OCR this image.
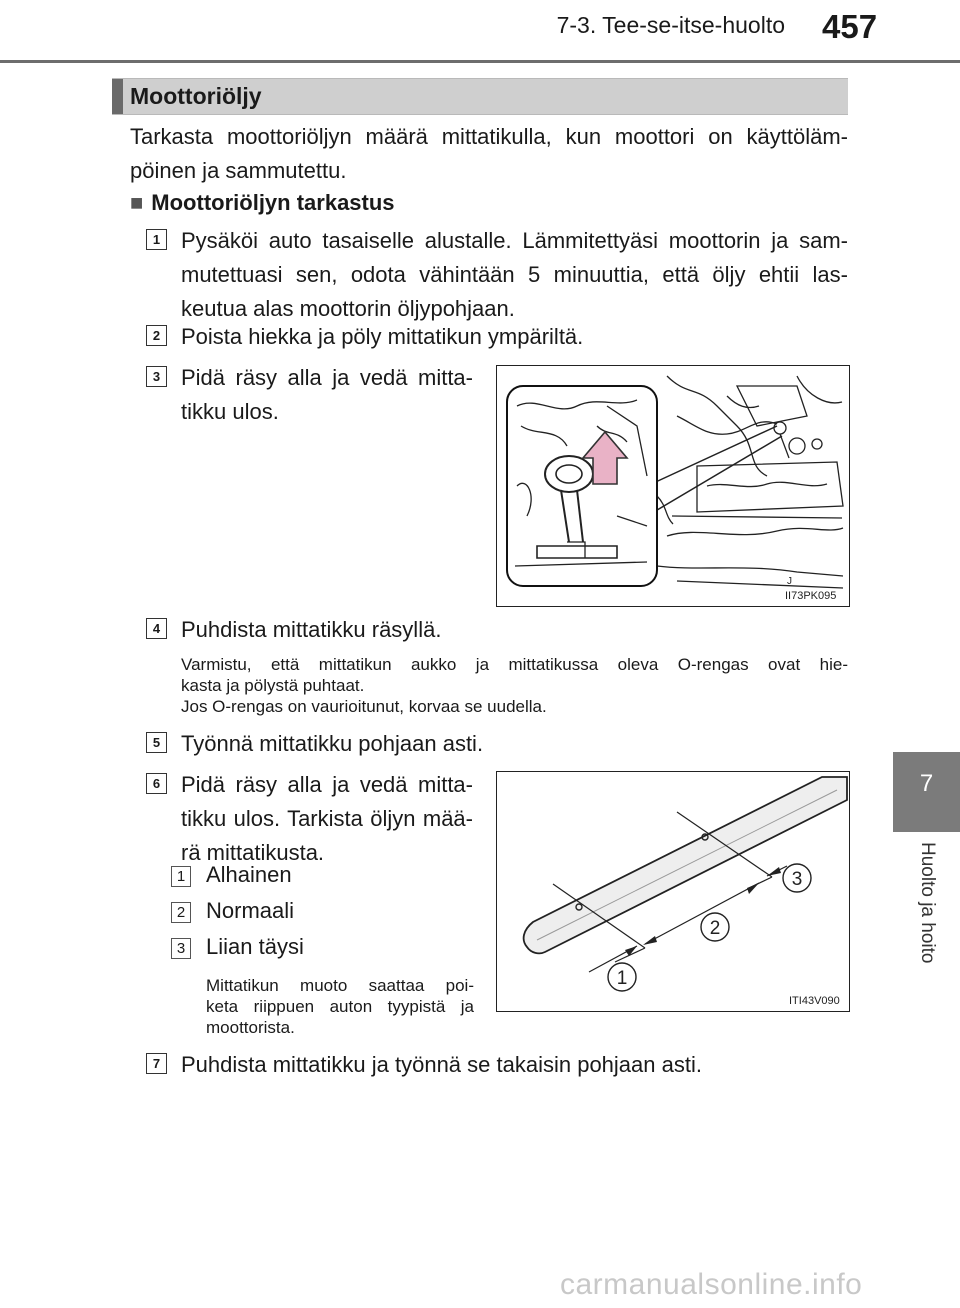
7-3. Tee-se-itse-huolto 457
7
Huolto ja hoito
Moottoriöljy
Tarkasta moottoriöljyn määrä mittatikulla, kun moottori on käyttöläm-
pöinen ja sammutettu.
■ Moottoriöljyn tarkastus
1 Pysäköi auto tasaiselle alustalle. Lämmitettyäsi moottorin ja sam-
mutettuasi sen, odota vähintään 5 minuuttia, että öljy ehtii las-
keutua alas moottorin öljypohjaan.
2 Poista hiekka ja pöly mittatikun ympäriltä.
3 Pidä räsy alla ja vedä mitta-
tikku ulos.
J
II73PK095
4 Puhdista mittatikku räsyllä.
Varmistu, että mittatikun aukko ja mittatikussa oleva O-rengas ovat hie-
kasta ja pölystä puhtaat.
Jos O-rengas on vaurioitunut, korvaa se uudella.
5 Työnnä mittatikku pohjaan asti.
6 Pidä räsy alla ja vedä mitta-
tikku ulos. Tarkista öljyn mää-
rä mittatikusta.
1 Alhainen
2 Normaali
3 Liian täysi
Mittatikun muoto saattaa poi-
keta riippuen auton tyypistä ja
moottorista.
1
2
3
ITI43V090
7 Puhdista mittatikku ja työnnä se takaisin pohjaan asti.
carmanualsonline.info
